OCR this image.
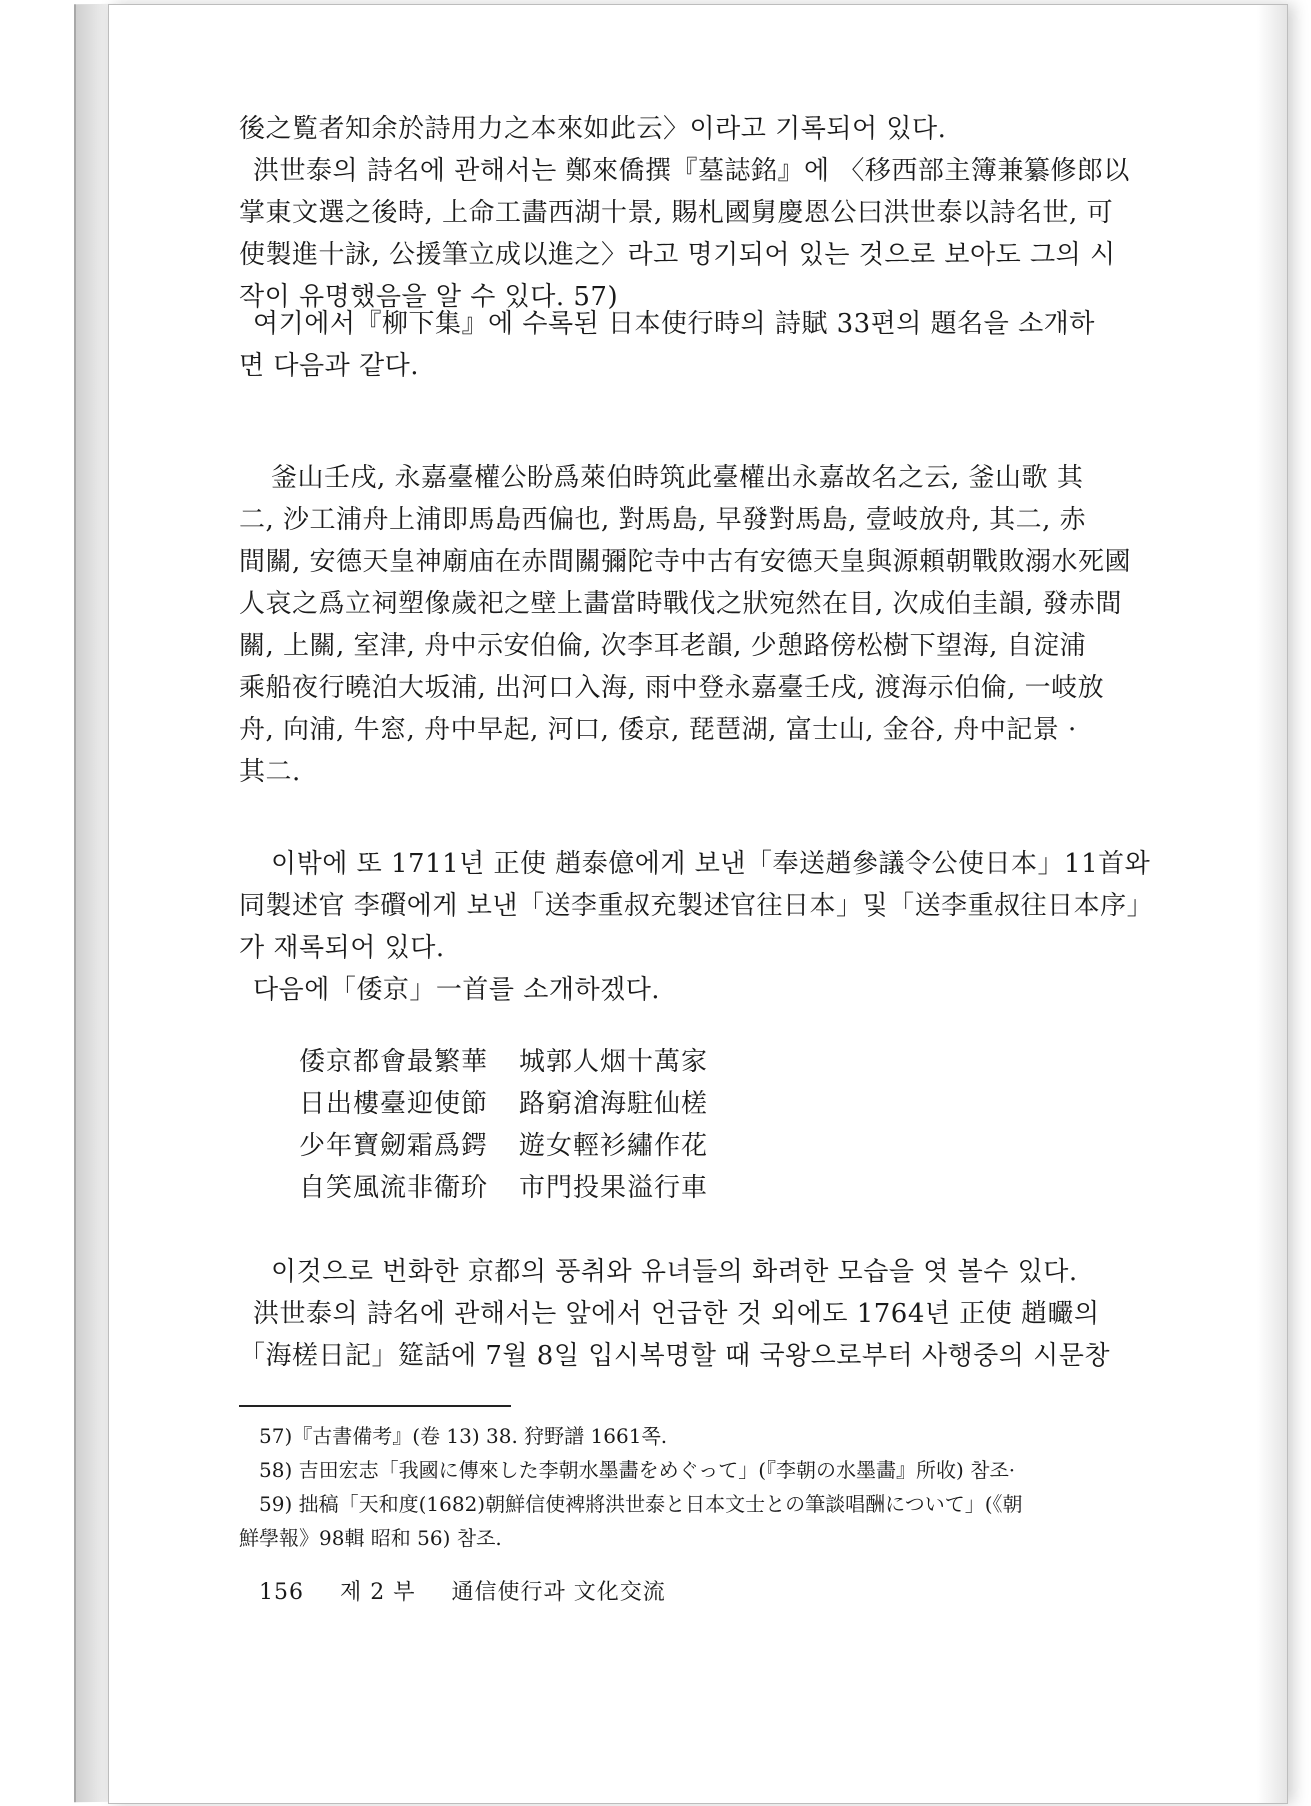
後之覧者知余於詩用力之本來如此云〉이라고 기록되어 있다.
洪世泰의 詩名에 관해서는 鄭來僑撰『墓誌銘』에 〈移西部主簿兼纂修郎以
掌東文選之後時, 上命工畵西湖十景, 賜札國舅慶恩公曰洪世泰以詩名世, 可
使製進十詠, 公援筆立成以進之〉라고 명기되어 있는 것으로 보아도 그의 시
작이 유명했음을 알 수 있다. 57)
여기에서『柳下集』에 수록된 日本使行時의 詩賦 33편의 題名을 소개하
면 다음과 같다.
釜山壬戌, 永嘉臺權公盼爲萊伯時筑此臺權出永嘉故名之云, 釜山歌 其
二, 沙工浦舟上浦即馬島西偏也, 對馬島, 早發對馬島, 壹岐放舟, 其二, 赤
間關, 安德天皇神廟庙在赤間關彌陀寺中古有安德天皇與源頼朝戰敗溺水死國
人哀之爲立祠塑像歲祀之壁上畵當時戰伐之狀宛然在目, 次成伯圭韻, 發赤間
關, 上關, 室津, 舟中示安伯倫, 次李耳老韻, 少憩路傍松樹下望海, 自淀浦
乘船夜行曉泊大坂浦, 出河口入海, 雨中登永嘉臺壬戌, 渡海示伯倫, 一岐放
舟, 向浦, 牛窓, 舟中早起, 河口, 倭京, 琵琶湖, 富士山, 金谷, 舟中記景 ·
其二.
이밖에 또 1711년 正使 趙泰億에게 보낸「奉送趙參議令公使日本」11首와
同製述官 李礥에게 보낸「送李重叔充製述官往日本」및「送李重叔往日本序」
가 재록되어 있다.
다음에「倭京」一首를 소개하겠다.
倭京都會最繁華 城郭人烟十萬家
日出樓臺迎使節 路窮滄海駐仙槎
少年寶劒霜爲鍔 遊女輕衫繡作花
自笑風流非衞玠 市門投果溢行車
이것으로 번화한 京都의 풍취와 유녀들의 화려한 모습을 엿 볼수 있다.
洪世泰의 詩名에 관해서는 앞에서 언급한 것 외에도 1764년 正使 趙曮의
「海槎日記」筵話에 7월 8일 입시복명할 때 국왕으로부터 사행중의 시문창
57)『古書備考』(卷 13) 38. 狩野譜 1661쪽.
58) 吉田宏志「我國に傳來した李朝水墨畵をめぐって」(『李朝の水墨畵』所收) 참조·
59) 拙稿「天和度(1682)朝鮮信使裨將洪世泰と日本文士との筆談唱酬について」(《朝
鮮學報》98輯 昭和 56) 참조.
156 제 2 부 通信使行과 文化交流
